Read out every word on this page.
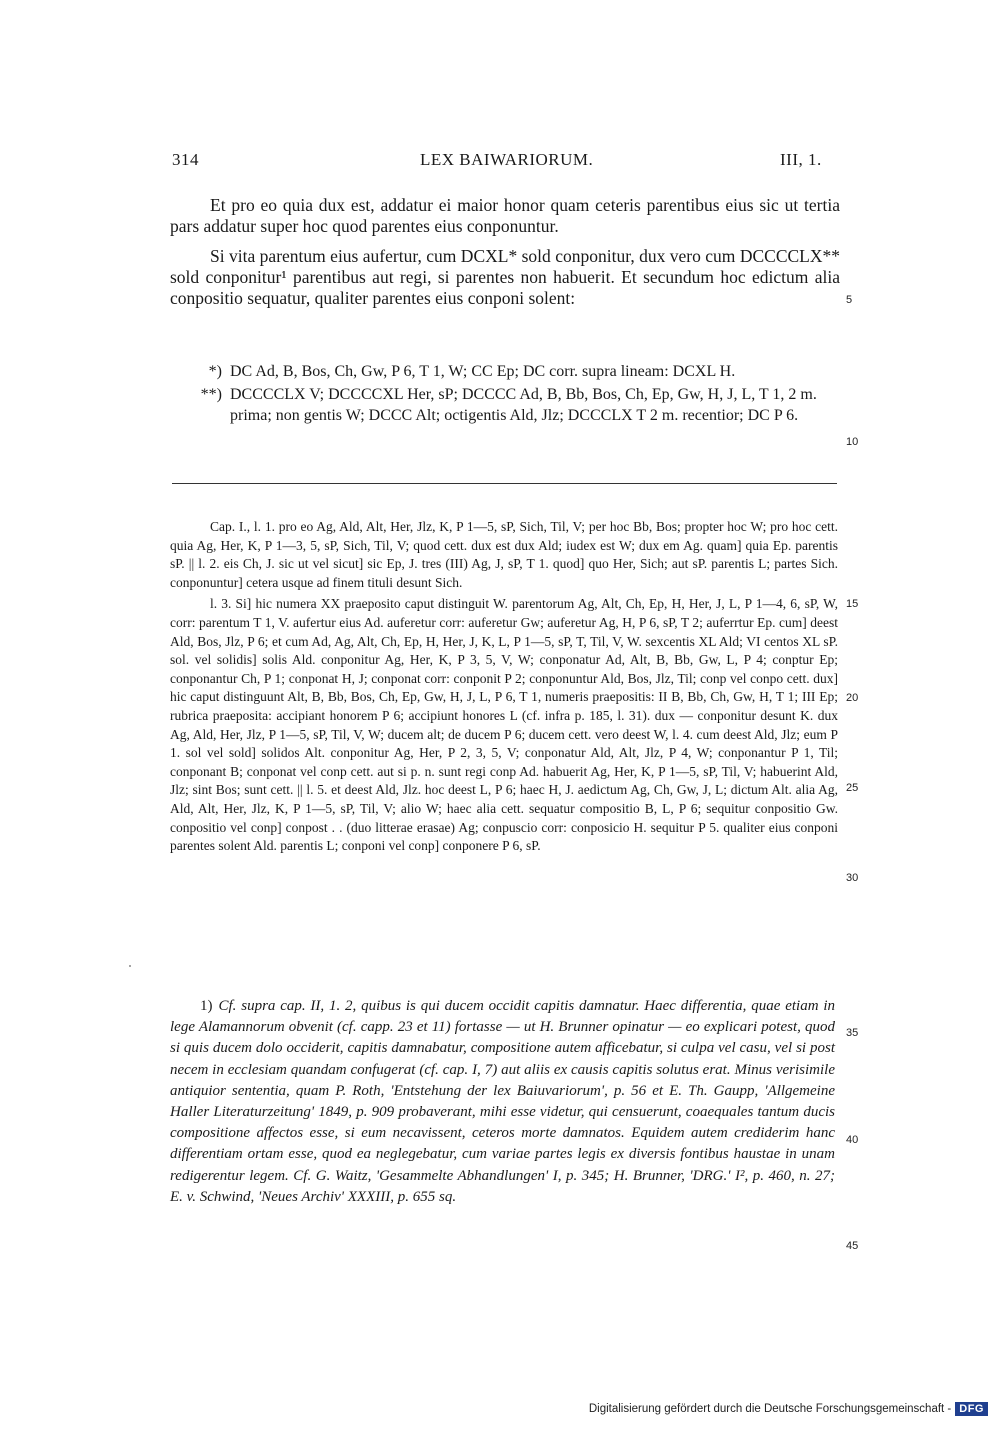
314	LEX BAIWARIORUM.	III, 1.

Et pro eo quia dux est, addatur ei maior honor quam ceteris parentibus eius sic ut tertia pars addatur super hoc quod parentes eius conponuntur.

Si vita parentum eius aufertur, cum DCXL* sold conponitur, dux vero cum DCCCCLX** sold conponitur¹ parentibus aut regi, si parentes non habuerit. Et secundum hoc edictum alia conpositio sequatur, qualiter parentes eius conponi solent:	5
*) DC Ad, B, Bos, Ch, Gw, P 6, T 1, W; CC Ep; DC corr. supra lineam: DCXL H.
**) DCCCCLX V; DCCCCXL Her, sP; DCCCC Ad, B, Bb, Bos, Ch, Ep, Gw, H, J, L, T 1, 2 m. prima; non gentis W; DCCC Alt; octigentis Ald, Jlz; DCCCLX T 2 m. recentior; DC P 6.
10

Cap. I., l. 1. pro eo Ag, Ald, Alt, Her, Jlz, K, P 1—5, sP, Sich, Til, V; per hoc Bb, Bos; propter hoc W; pro hoc cett. quia Ag, Her, K, P 1—3, 5, sP, Sich, Til, V; quod cett. dux est dux Ald; iudex est W; dux em Ag. quam] quia Ep. parentis sP. || l. 2. eis Ch, J. sic ut vel sicut] sic Ep, J. tres (III) Ag, J, sP, T 1. quod] quo Her, Sich; aut sP. parentis L; partes Sich. conponuntur] cetera usque ad finem tituli desunt Sich.

l. 3. Si] hic numera XX praeposito caput distinguit W. parentorum Ag, Alt, Ch, Ep, H, Her, J, L, P 1—4, 6, sP, W, corr: parentum T 1, V. aufertur eius Ad. auferetur corr: auferetur Gw; auferetur Ag, H, P 6, sP, T 2; auferrtur Ep. cum] deest Ald, Bos, Jlz, P 6; et cum Ad, Ag, Alt, Ch, Ep, H, Her, J, K, L, P 1—5, sP, T, Til, V, W. sexcentis XL Ald; VI centos XL sP. sol. vel solidis] solis Ald. conponitur Ag, Her, K, P 3, 5, V, W; conponatur Ad, Alt, B, Bb, Gw, L, P 4; conptur Ep; conponantur Ch, P 1; conponat H, J; conponat corr: conponit P 2; conponuntur Ald, Bos, Jlz, Til; conp vel conpo cett. dux] hic caput distinguunt Alt, B, Bb, Bos, Ch, Ep, Gw, H, J, L, P 6, T 1, numeris praepositis: II B, Bb, Ch, Gw, H, T 1; III Ep; rubrica praeposita: accipiant honorem P 6; accipiunt honores L (cf. infra p. 185, l. 31). dux — conponitur desunt K. dux Ag, Ald, Her, Jlz, P 1—5, sP, Til, V, W; ducem alt; de ducem P 6; ducem cett. vero deest W, l. 4. cum deest Ald, Jlz; eum P 1. sol vel sold] solidos Alt. conponitur Ag, Her, P 2, 3, 5, V; conponatur Ald, Alt, Jlz, P 4, W; conponantur P 1, Til; conponant B; conponat vel conp cett. aut si p. n. sunt regi conp Ad. habuerit Ag, Her, K, P 1—5, sP, Til, V; habuerint Ald, Jlz; sint Bos; sunt cett. || l. 5. et deest Ald, Jlz. hoc deest L, P 6; haec H, J. aedictum Ag, Ch, Gw, J, L; dictum Alt. alia Ag, Ald, Alt, Her, Jlz, K, P 1—5, sP, Til, V; alio W; haec alia cett. sequatur compositio B, L, P 6; sequitur conpositio Gw. conpositio vel conp] conpost . . (duo litterae erasae) Ag; conpuscio corr: conposicio H. sequitur P 5. qualiter eius conponi parentes solent Ald. parentis L; conponi vel conp] conponere P 6, sP.

15
20
25
30

1) Cf. supra cap. II, 1. 2, quibus is qui ducem occidit capitis damnatur. Haec differentia, quae etiam in lege Alamannorum obvenit (cf. capp. 23 et 11) fortasse — ut H. Brunner opinatur — eo explicari potest, quod si quis ducem dolo occiderit, capitis damnabatur, compositione autem afficebatur, si culpa vel casu, vel si post necem in ecclesiam quandam confugerat (cf. cap. I, 7) aut aliis ex causis capitis solutus erat. Minus verisimile antiquior sententia, quam P. Roth, 'Entstehung der lex Baiuvariorum', p. 56 et E. Th. Gaupp, 'Allgemeine Haller Literaturzeitung' 1849, p. 909 probaverant, mihi esse videtur, qui censuerunt, coaequales tantum ducis compositione affectos esse, si eum necavissent, ceteros morte damnatos. Equidem autem crediderim hanc differentiam ortam esse, quod ea neglegebatur, cum variae partes legis ex diversis fontibus haustae in unam redigerentur legem. Cf. G. Waitz, 'Gesammelte Abhandlungen' I, p. 345; H. Brunner, 'DRG.' I², p. 460, n. 27; E. v. Schwind, 'Neues Archiv' XXXIII, p. 655 sq.

35
40
45
Digitalisierung gefördert durch die Deutsche Forschungsgemeinschaft - DFG
